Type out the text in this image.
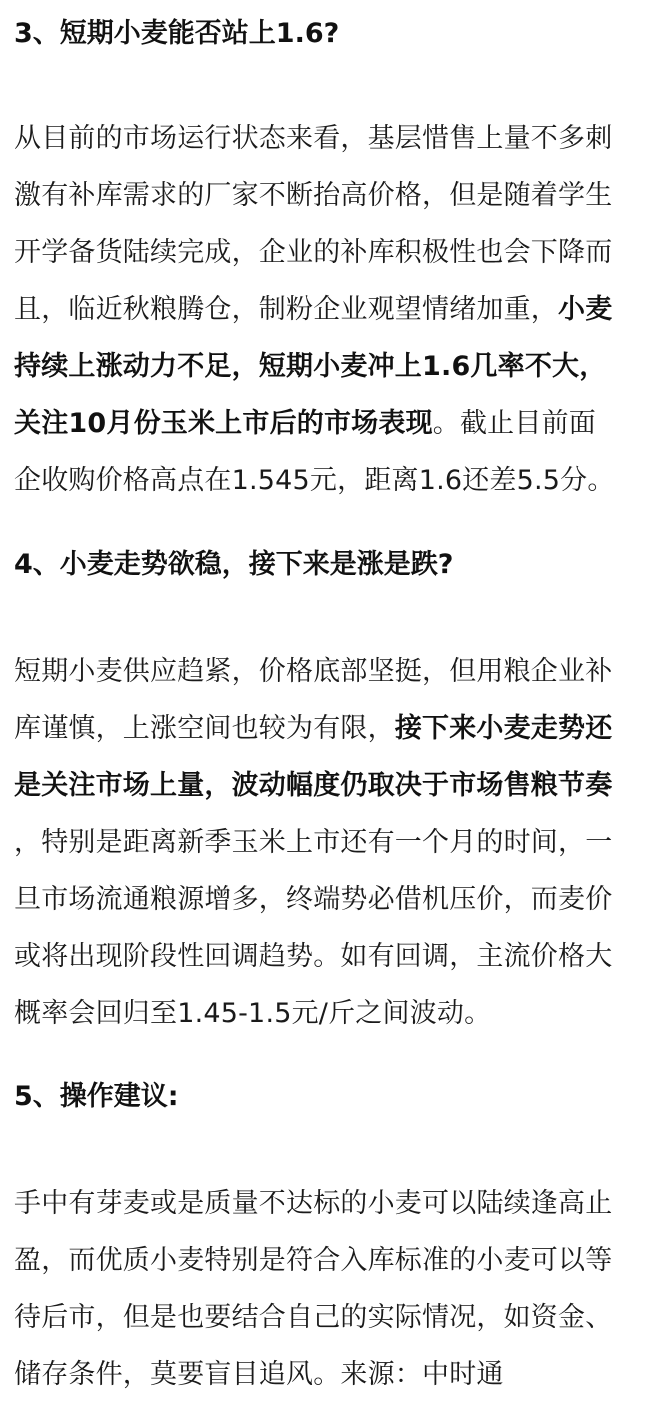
3、短期小麦能否站上1.6?
从目前的市场运行状态来看，基层惜售上量不多刺
激有补库需求的厂家不断抬高价格，但是随着学生
开学备货陆续完成，企业的补库积极性也会下降而
且，临近秋粮腾仓，制粉企业观望情绪加重，小麦
持续上涨动力不足，短期小麦冲上1.6几率不大，
关注10月份玉米上市后的市场表现。截止目前面
企收购价格高点在1.545元，距离1.6还差5.5分。
4、小麦走势欲稳，接下来是涨是跌?
短期小麦供应趋紧，价格底部坚挺，但用粮企业补
库谨慎，上涨空间也较为有限，接下来小麦走势还
是关注市场上量，波动幅度仍取决于市场售粮节奏
，特别是距离新季玉米上市还有一个月的时间，一
旦市场流通粮源增多，终端势必借机压价，而麦价
或将出现阶段性回调趋势。如有回调，主流价格大
概率会回归至1.45-1.5元/斤之间波动。
5、操作建议:
手中有芽麦或是质量不达标的小麦可以陆续逢高止
盈，而优质小麦特别是符合入库标准的小麦可以等
待后市，但是也要结合自己的实际情况，如资金、
储存条件，莫要盲目追风。来源：中时通
